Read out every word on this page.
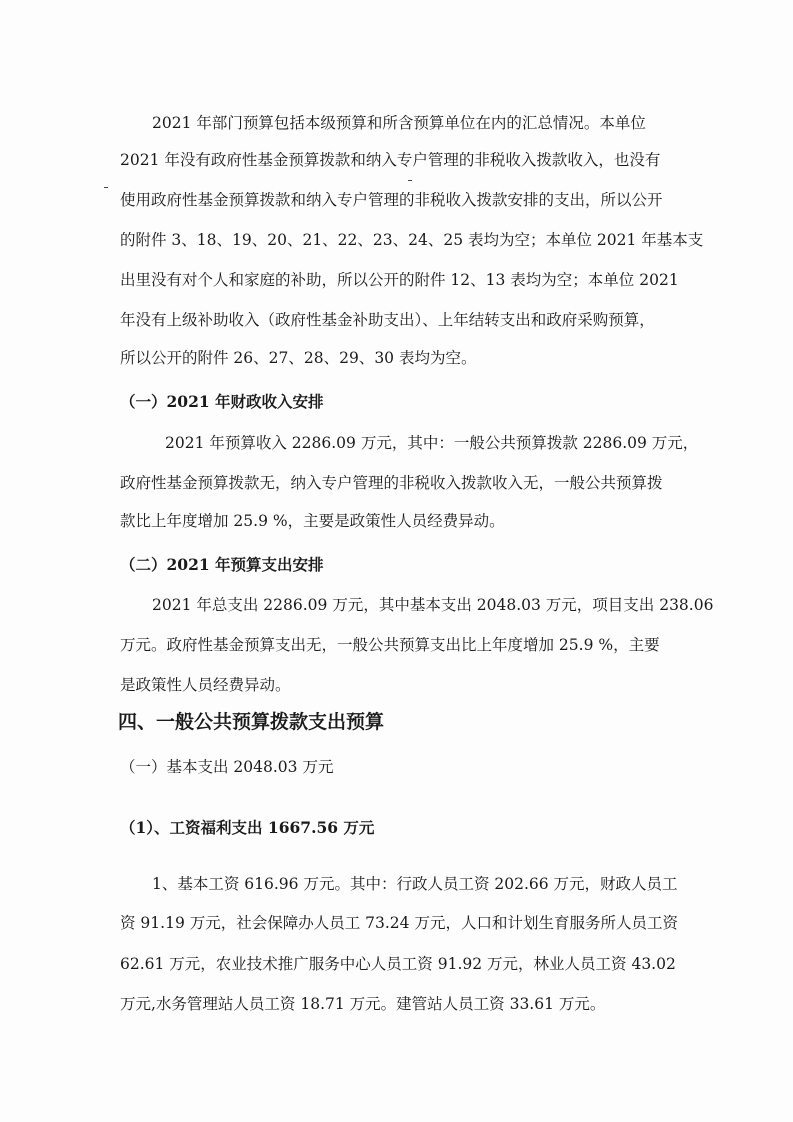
2021 年部门预算包括本级预算和所含预算单位在内的汇总情况。本单位
2021 年没有政府性基金预算拨款和纳入专户管理的非税收入拨款收入，也没有
使用政府性基金预算拨款和纳入专户管理的非税收入拨款安排的支出，所以公开
的附件 3、18、19、20、21、22、23、24、25 表均为空；本单位 2021 年基本支
出里没有对个人和家庭的补助，所以公开的附件 12、13 表均为空；本单位 2021
年没有上级补助收入（政府性基金补助支出）、上年结转支出和政府采购预算，
所以公开的附件 26、27、28、29、30 表均为空。
（一）2021 年财政收入安排
2021 年预算收入 2286.09 万元，其中：一般公共预算拨款 2286.09 万元，
政府性基金预算拨款无，纳入专户管理的非税收入拨款收入无，一般公共预算拨
款比上年度增加 25.9 %，主要是政策性人员经费异动。
（二）2021 年预算支出安排
2021 年总支出 2286.09 万元，其中基本支出 2048.03 万元，项目支出 238.06
万元。政府性基金预算支出无，一般公共预算支出比上年度增加 25.9 %，主要
是政策性人员经费异动。
四、一般公共预算拨款支出预算
（一）基本支出 2048.03 万元
（1）、工资福利支出 1667.56 万元
1、基本工资 616.96 万元。其中：行政人员工资 202.66 万元，财政人员工
资 91.19 万元，社会保障办人员工 73.24 万元，人口和计划生育服务所人员工资
62.61 万元，农业技术推广服务中心人员工资 91.92 万元，林业人员工资 43.02
万元,水务管理站人员工资 18.71 万元。建管站人员工资 33.61 万元。
